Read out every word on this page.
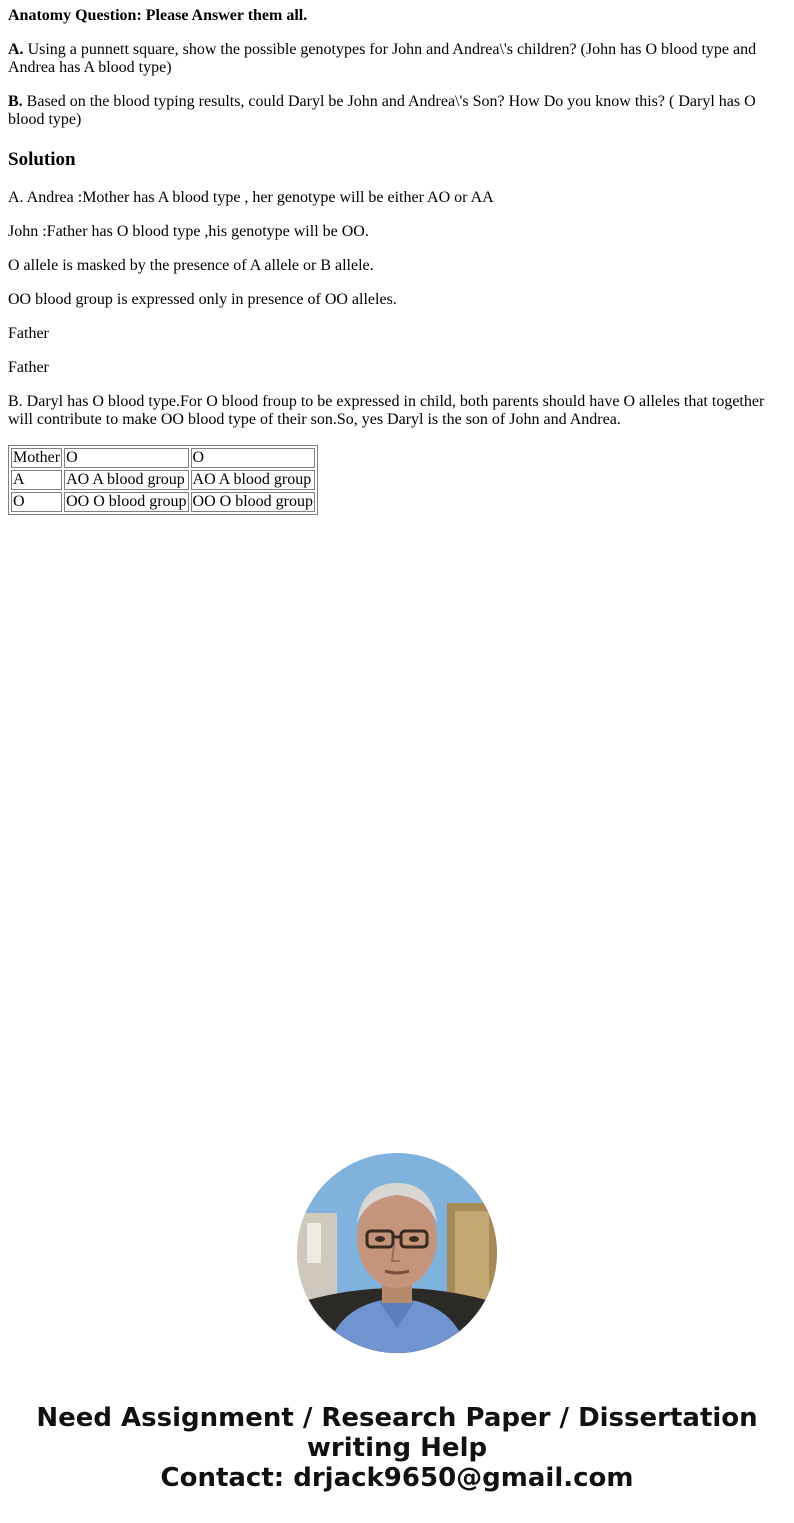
Anatomy Question: Please Answer them all.

A. Using a punnett square, show the possible genotypes for John and Andrea\'s children? (John has O blood type and Andrea has A blood type)

B. Based on the blood typing results, could Daryl be John and Andrea\'s Son? How Do you know this? ( Daryl has O blood type)

Solution

A. Andrea :Mother has A blood type , her genotype will be either AO or AA

John :Father has O blood type ,his genotype will be OO.

O allele is masked by the presence of A allele or B allele.

OO blood group is expressed only in presence of OO alleles.

Father

Father

B. Daryl has O blood type.For O blood froup to be expressed in child, both parents should have O alleles that together will contribute to make OO blood type of their son.So, yes Daryl is the son of John and Andrea.

Mother	O	O
A	AO A blood group	AO A blood group
O	OO O blood group	OO O blood group
Need Assignment / Research Paper / Dissertation
writing Help
Contact: drjack9650@gmail.com
